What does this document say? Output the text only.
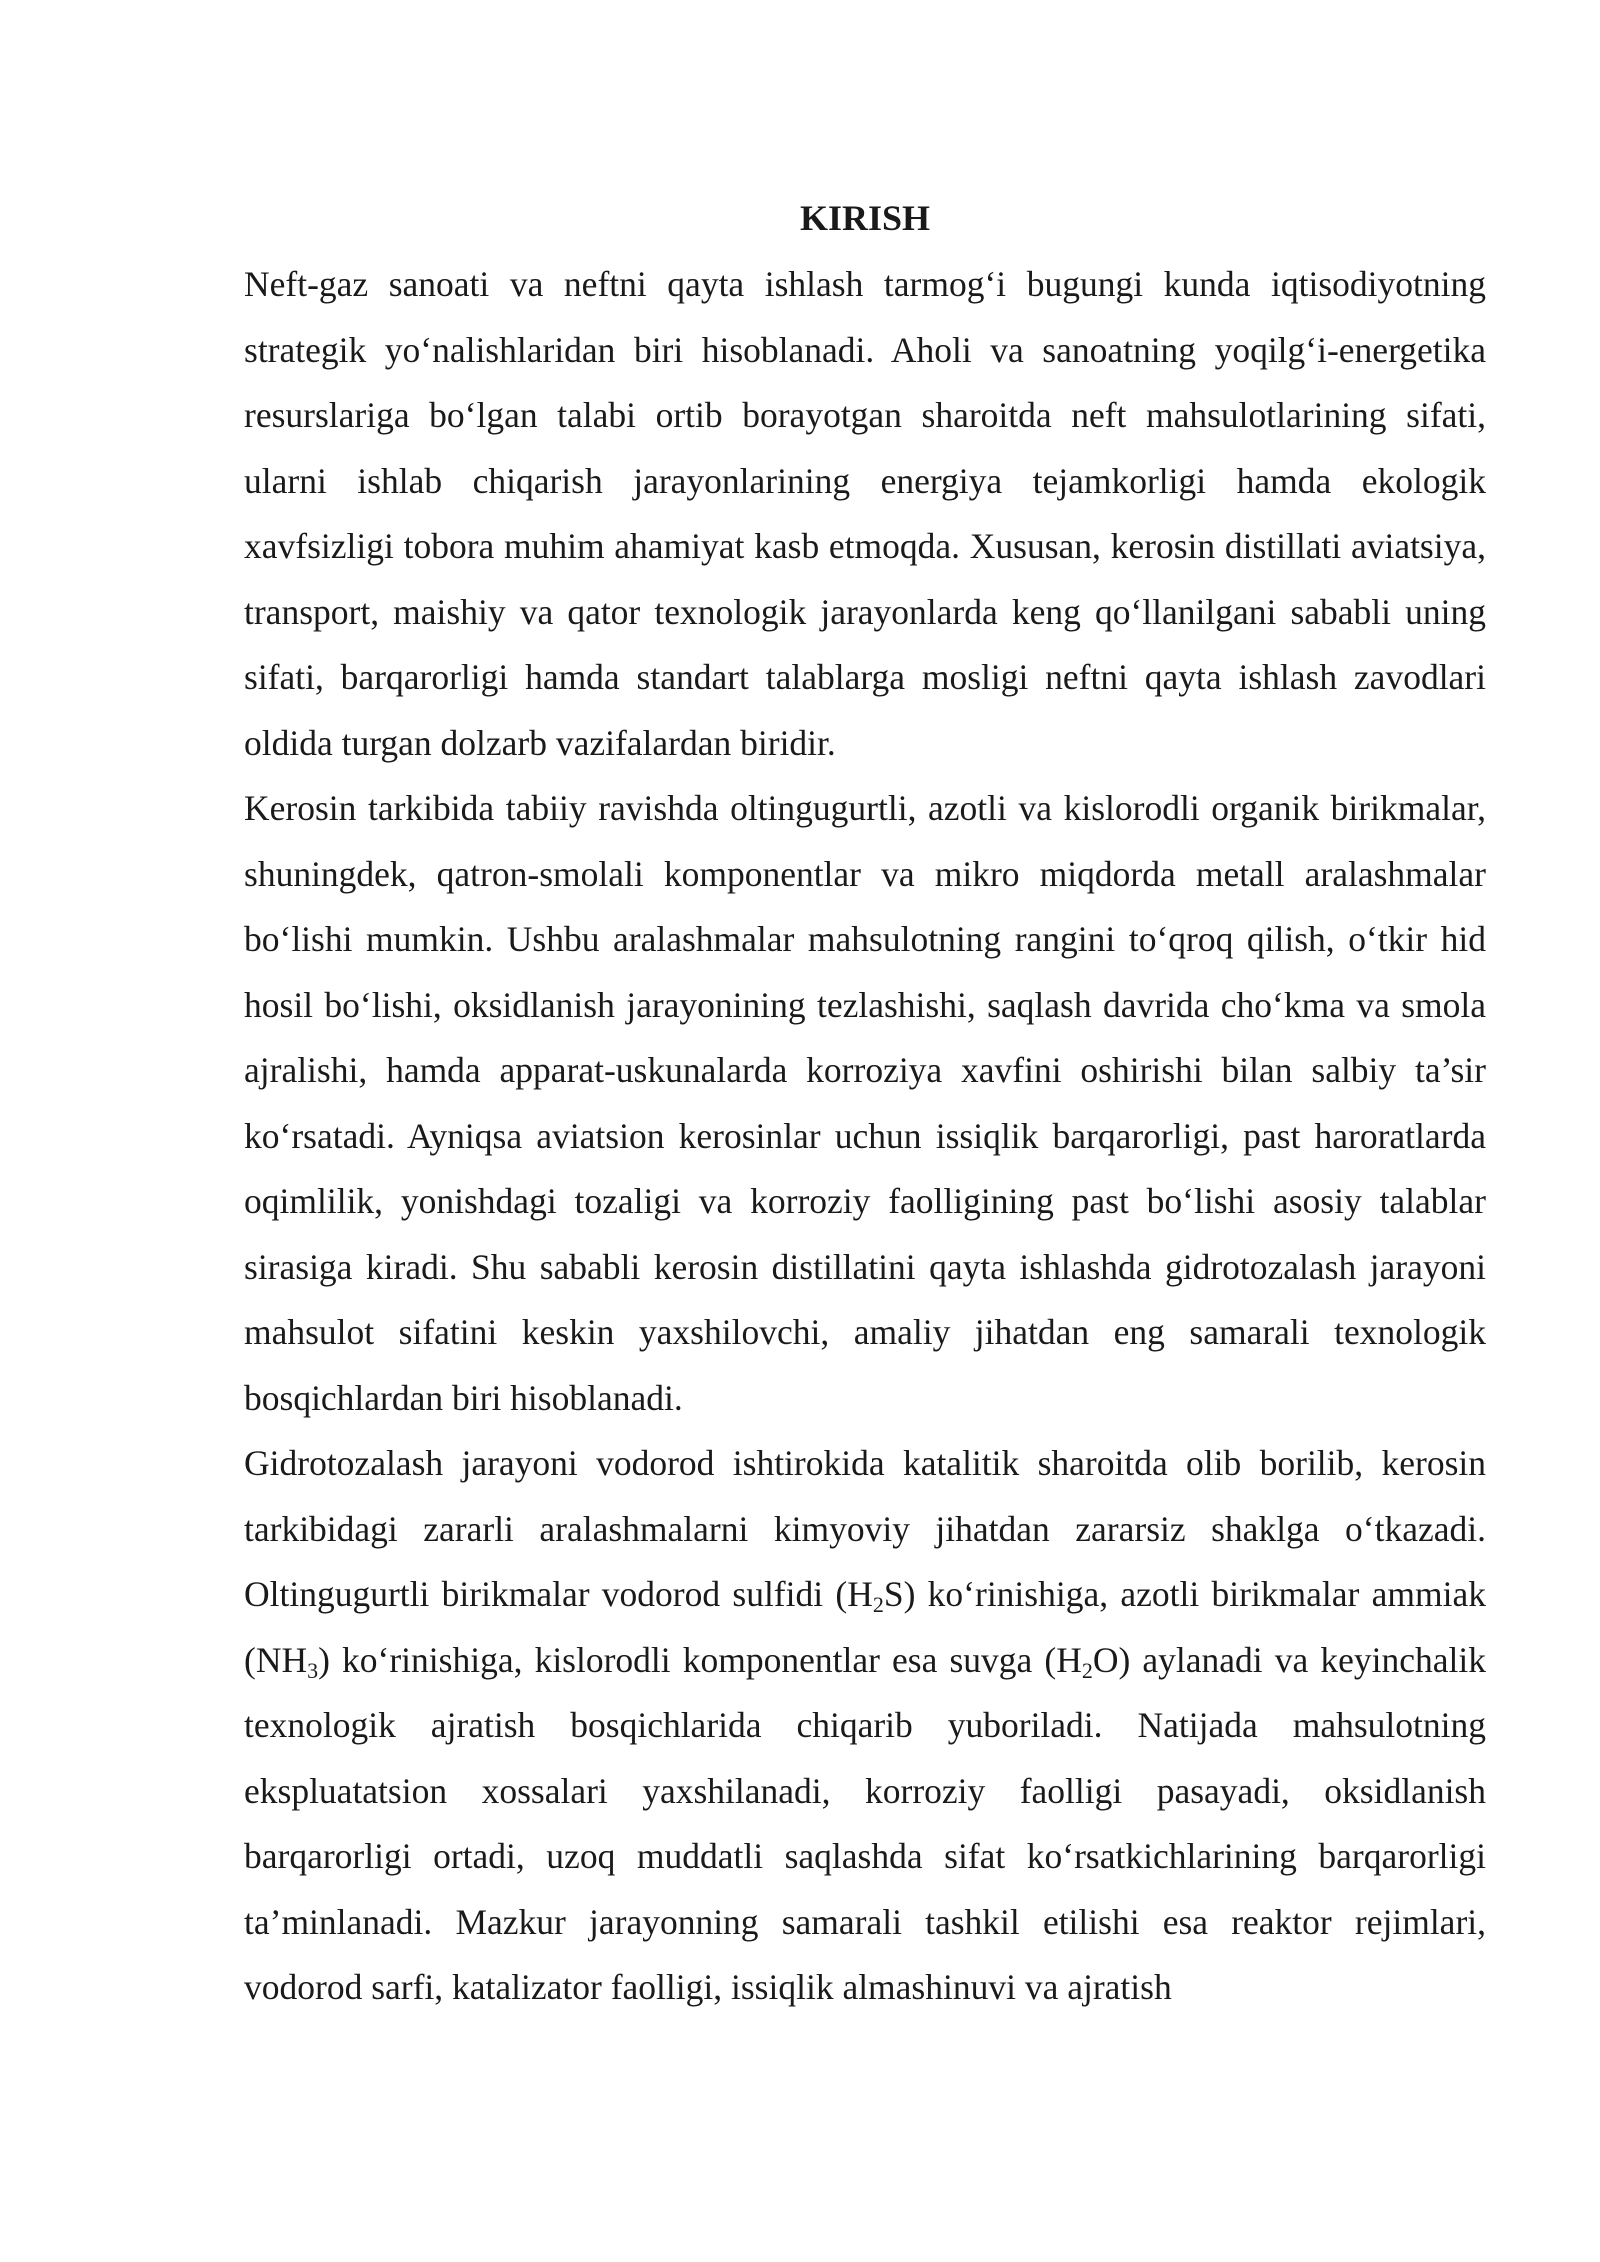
KIRISH

Neft-gaz sanoati va neftni qayta ishlash tarmog‘i bugungi kunda iqtisodiyotning strategik yo‘nalishlaridan biri hisoblanadi. Aholi va sanoatning yoqilg‘i-energetika resurslariga bo‘lgan talabi ortib borayotgan sharoitda neft mahsulotlarining sifati, ularni ishlab chiqarish jarayonlarining energiya tejamkorligi hamda ekologik xavfsizligi tobora muhim ahamiyat kasb etmoqda. Xususan, kerosin distillati aviatsiya, transport, maishiy va qator texnologik jarayonlarda keng qo‘llanilgani sababli uning sifati, barqarorligi hamda standart talablarga mosligi neftni qayta ishlash zavodlari oldida turgan dolzarb vazifalardan biridir.

Kerosin tarkibida tabiiy ravishda oltingugurtli, azotli va kislorodli organik birikmalar, shuningdek, qatron-smolali komponentlar va mikro miqdorda metall aralashmalar bo‘lishi mumkin. Ushbu aralashmalar mahsulotning rangini to‘qroq qilish, o‘tkir hid hosil bo‘lishi, oksidlanish jarayonining tezlashishi, saqlash davrida cho‘kma va smola ajralishi, hamda apparat-uskunalarda korroziya xavfini oshirishi bilan salbiy ta’sir ko‘rsatadi. Ayniqsa aviatsion kerosinlar uchun issiqlik barqarorligi, past haroratlarda oqimlilik, yonishdagi tozaligi va korroziy faolligining past bo‘lishi asosiy talablar sirasiga kiradi. Shu sababli kerosin distillatini qayta ishlashda gidrotozalash jarayoni mahsulot sifatini keskin yaxshilovchi, amaliy jihatdan eng samarali texnologik bosqichlardan biri hisoblanadi.

Gidrotozalash jarayoni vodorod ishtirokida katalitik sharoitda olib borilib, kerosin tarkibidagi zararli aralashmalarni kimyoviy jihatdan zararsiz shaklga o‘tkazadi. Oltingugurtli birikmalar vodorod sulfidi $(H_2S)$ ko‘rinishiga, azotli birikmalar ammiak $(NH_3)$ ko‘rinishiga, kislorodli komponentlar esa suvga $(H_2O)$ aylanadi va keyinchalik texnologik ajratish bosqichlarida chiqarib yuboriladi. Natijada mahsulotning ekspluatatsion xossalari yaxshilanadi, korroziy faolligi pasayadi, oksidlanish barqarorligi ortadi, uzoq muddatli saqlashda sifat ko‘rsatkichlarining barqarorligi ta’minlanadi. Mazkur jarayonning samarali tashkil etilishi esa reaktor rejimlari, vodorod sarfi, katalizator faolligi, issiqlik almashinuvi va ajratish
